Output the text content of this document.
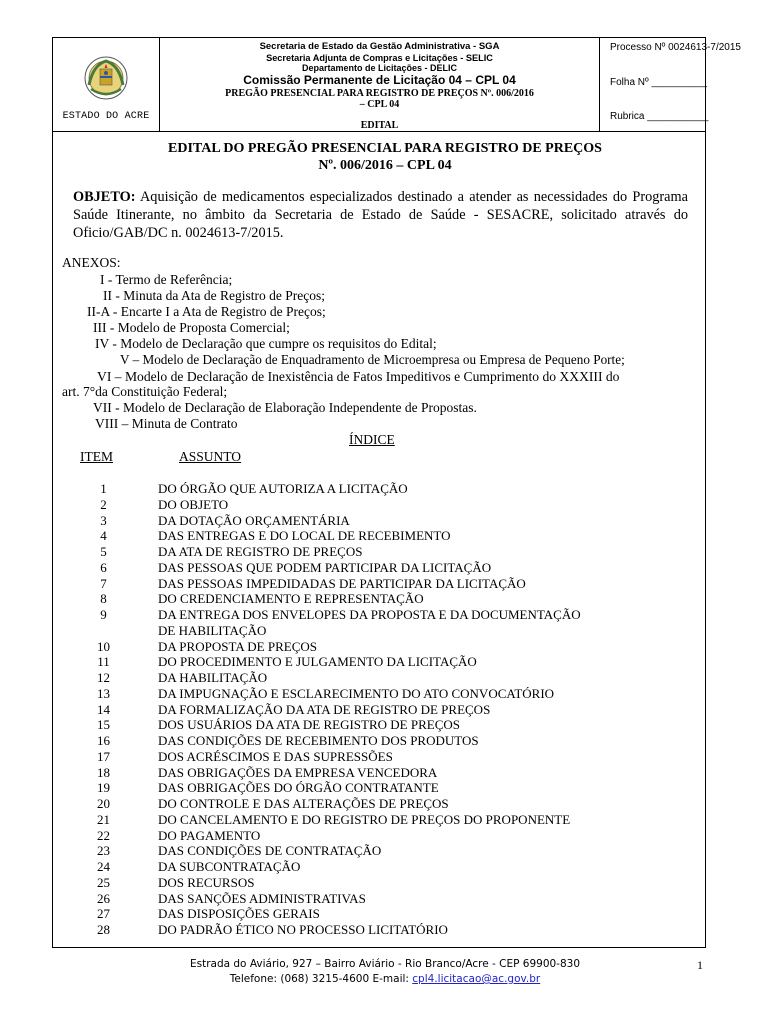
ESTADO DO ACRE
Secretaria de Estado da Gestão Administrativa - SGA
Secretaria Adjunta de Compras e Licitações - SELIC
Departamento de Licitações - DELIC
Comissão Permanente de Licitação 04 – CPL 04
PREGÃO PRESENCIAL PARA REGISTRO DE PREÇOS Nº. 006/2016
– CPL 04
EDITAL
Processo Nº 0024613-7/2015
Folha Nº __________
Rubrica ___________
EDITAL DO PREGÃO PRESENCIAL PARA REGISTRO DE PREÇOS
Nº. 006/2016 – CPL 04
OBJETO: Aquisição de medicamentos especializados destinado a atender as necessidades do Programa Saúde Itinerante, no âmbito da Secretaria de Estado de Saúde - SESACRE, solicitado através do Oficio/GAB/DC n. 0024613-7/2015.
ANEXOS:
I - Termo de Referência;
II - Minuta da Ata de Registro de Preços;
II-A - Encarte I a Ata de Registro de Preços;
III - Modelo de Proposta Comercial;
IV - Modelo de Declaração que cumpre os requisitos do Edital;
V – Modelo de Declaração de Enquadramento de Microempresa ou Empresa de Pequeno Porte;
VI – Modelo de Declaração de Inexistência de Fatos Impeditivos e Cumprimento do XXXIII do
art. 7°da Constituição Federal;
VII - Modelo de Declaração de Elaboração Independente de Propostas.
VIII – Minuta de Contrato
ÍNDICE
ITEM	ASSUNTO
1	DO ÓRGÃO QUE AUTORIZA A LICITAÇÃO
2	DO OBJETO
3	DA DOTAÇÃO ORÇAMENTÁRIA
4	DAS ENTREGAS E DO LOCAL DE RECEBIMENTO
5	DA ATA DE REGISTRO DE PREÇOS
6	DAS PESSOAS QUE PODEM PARTICIPAR DA LICITAÇÃO
7	DAS PESSOAS IMPEDIDADAS DE PARTICIPAR DA LICITAÇÃO
8	DO CREDENCIAMENTO E REPRESENTAÇÃO
9	DA ENTREGA DOS ENVELOPES DA PROPOSTA E DA DOCUMENTAÇÃO
DE HABILITAÇÃO
10	DA PROPOSTA DE PREÇOS
11	DO PROCEDIMENTO E JULGAMENTO DA LICITAÇÃO
12	DA HABILITAÇÃO
13	DA IMPUGNAÇÃO E ESCLARECIMENTO DO ATO CONVOCATÓRIO
14	DA FORMALIZAÇÃO DA ATA DE REGISTRO DE PREÇOS
15	DOS USUÁRIOS DA ATA DE REGISTRO DE PREÇOS
16	DAS CONDIÇÕES DE RECEBIMENTO DOS PRODUTOS
17	DOS ACRÉSCIMOS E DAS SUPRESSÕES
18	DAS OBRIGAÇÕES DA EMPRESA VENCEDORA
19	DAS OBRIGAÇÕES DO ÓRGÃO CONTRATANTE
20	DO CONTROLE E DAS ALTERAÇÕES DE PREÇOS
21	DO CANCELAMENTO E DO REGISTRO DE PREÇOS DO PROPONENTE
22	DO PAGAMENTO
23	DAS CONDIÇÕES DE CONTRATAÇÃO
24	DA SUBCONTRATAÇÃO
25	DOS RECURSOS
26	DAS SANÇÕES ADMINISTRATIVAS
27	DAS DISPOSIÇÕES GERAIS
28	DO PADRÃO ÉTICO NO PROCESSO LICITATÓRIO
Estrada do Aviário, 927 – Bairro Aviário - Rio Branco/Acre - CEP 69900-830
Telefone: (068) 3215-4600 E-mail: cpl4.licitacao@ac.gov.br
1
